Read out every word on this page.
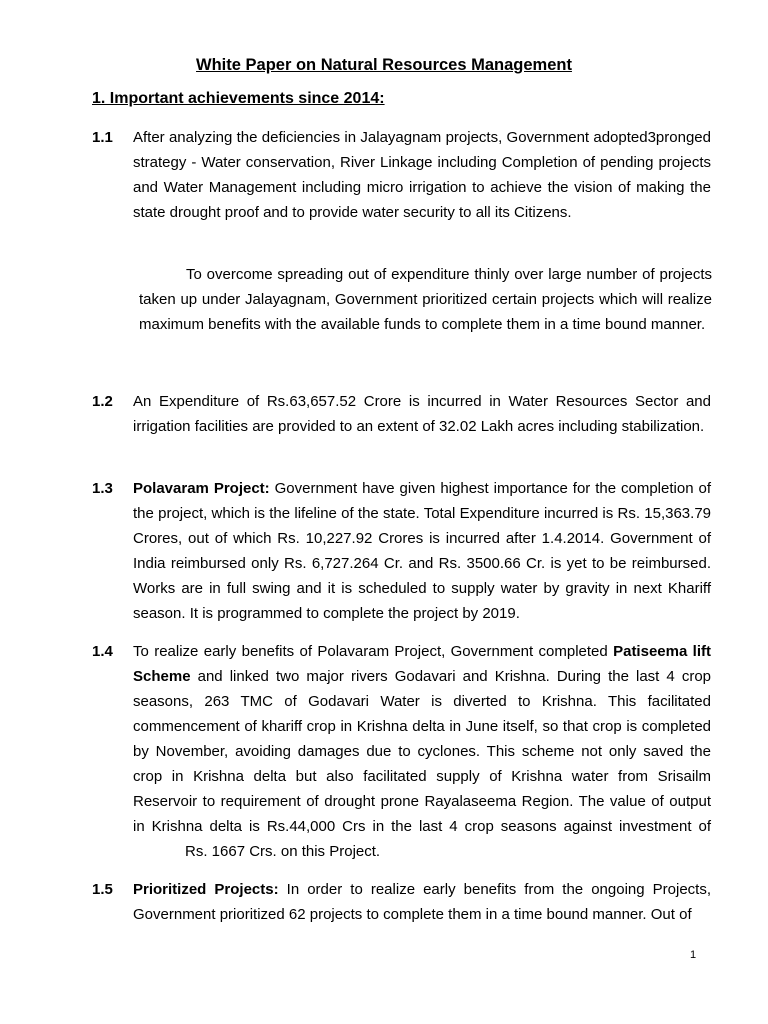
White Paper on Natural Resources Management
1. Important achievements since 2014:
1.1 After analyzing the deficiencies in Jalayagnam projects, Government adopted3pronged strategy - Water conservation, River Linkage including Completion of pending projects and Water Management including micro irrigation to achieve the vision of making the state drought proof and to provide water security to all its Citizens.
To overcome spreading out of expenditure thinly over large number of projects taken up under Jalayagnam, Government prioritized certain projects which will realize maximum benefits with the available funds to complete them in a time bound manner.
1.2 An Expenditure of Rs.63,657.52 Crore is incurred in Water Resources Sector and irrigation facilities are provided to an extent of 32.02 Lakh acres including stabilization.
1.3 Polavaram Project: Government have given highest importance for the completion of the project, which is the lifeline of the state. Total Expenditure incurred is Rs. 15,363.79 Crores, out of which Rs. 10,227.92 Crores is incurred after 1.4.2014. Government of India reimbursed only Rs. 6,727.264 Cr. and Rs. 3500.66 Cr. is yet to be reimbursed. Works are in full swing and it is scheduled to supply water by gravity in next Khariff season. It is programmed to complete the project by 2019.
1.4 To realize early benefits of Polavaram Project, Government completed Patiseema lift Scheme and linked two major rivers Godavari and Krishna. During the last 4 crop seasons, 263 TMC of Godavari Water is diverted to Krishna. This facilitated commencement of khariff crop in Krishna delta in June itself, so that crop is completed by November, avoiding damages due to cyclones. This scheme not only saved the crop in Krishna delta but also facilitated supply of Krishna water from Srisailm Reservoir to requirement of drought prone Rayalaseema Region. The value of output in Krishna delta is Rs.44,000 Crs in the last 4 crop seasons against investment ofRs. 1667 Crs. on this Project.
1.5 Prioritized Projects: In order to realize early benefits from the ongoing Projects, Government prioritized 62 projects to complete them in a time bound manner. Out of
1
